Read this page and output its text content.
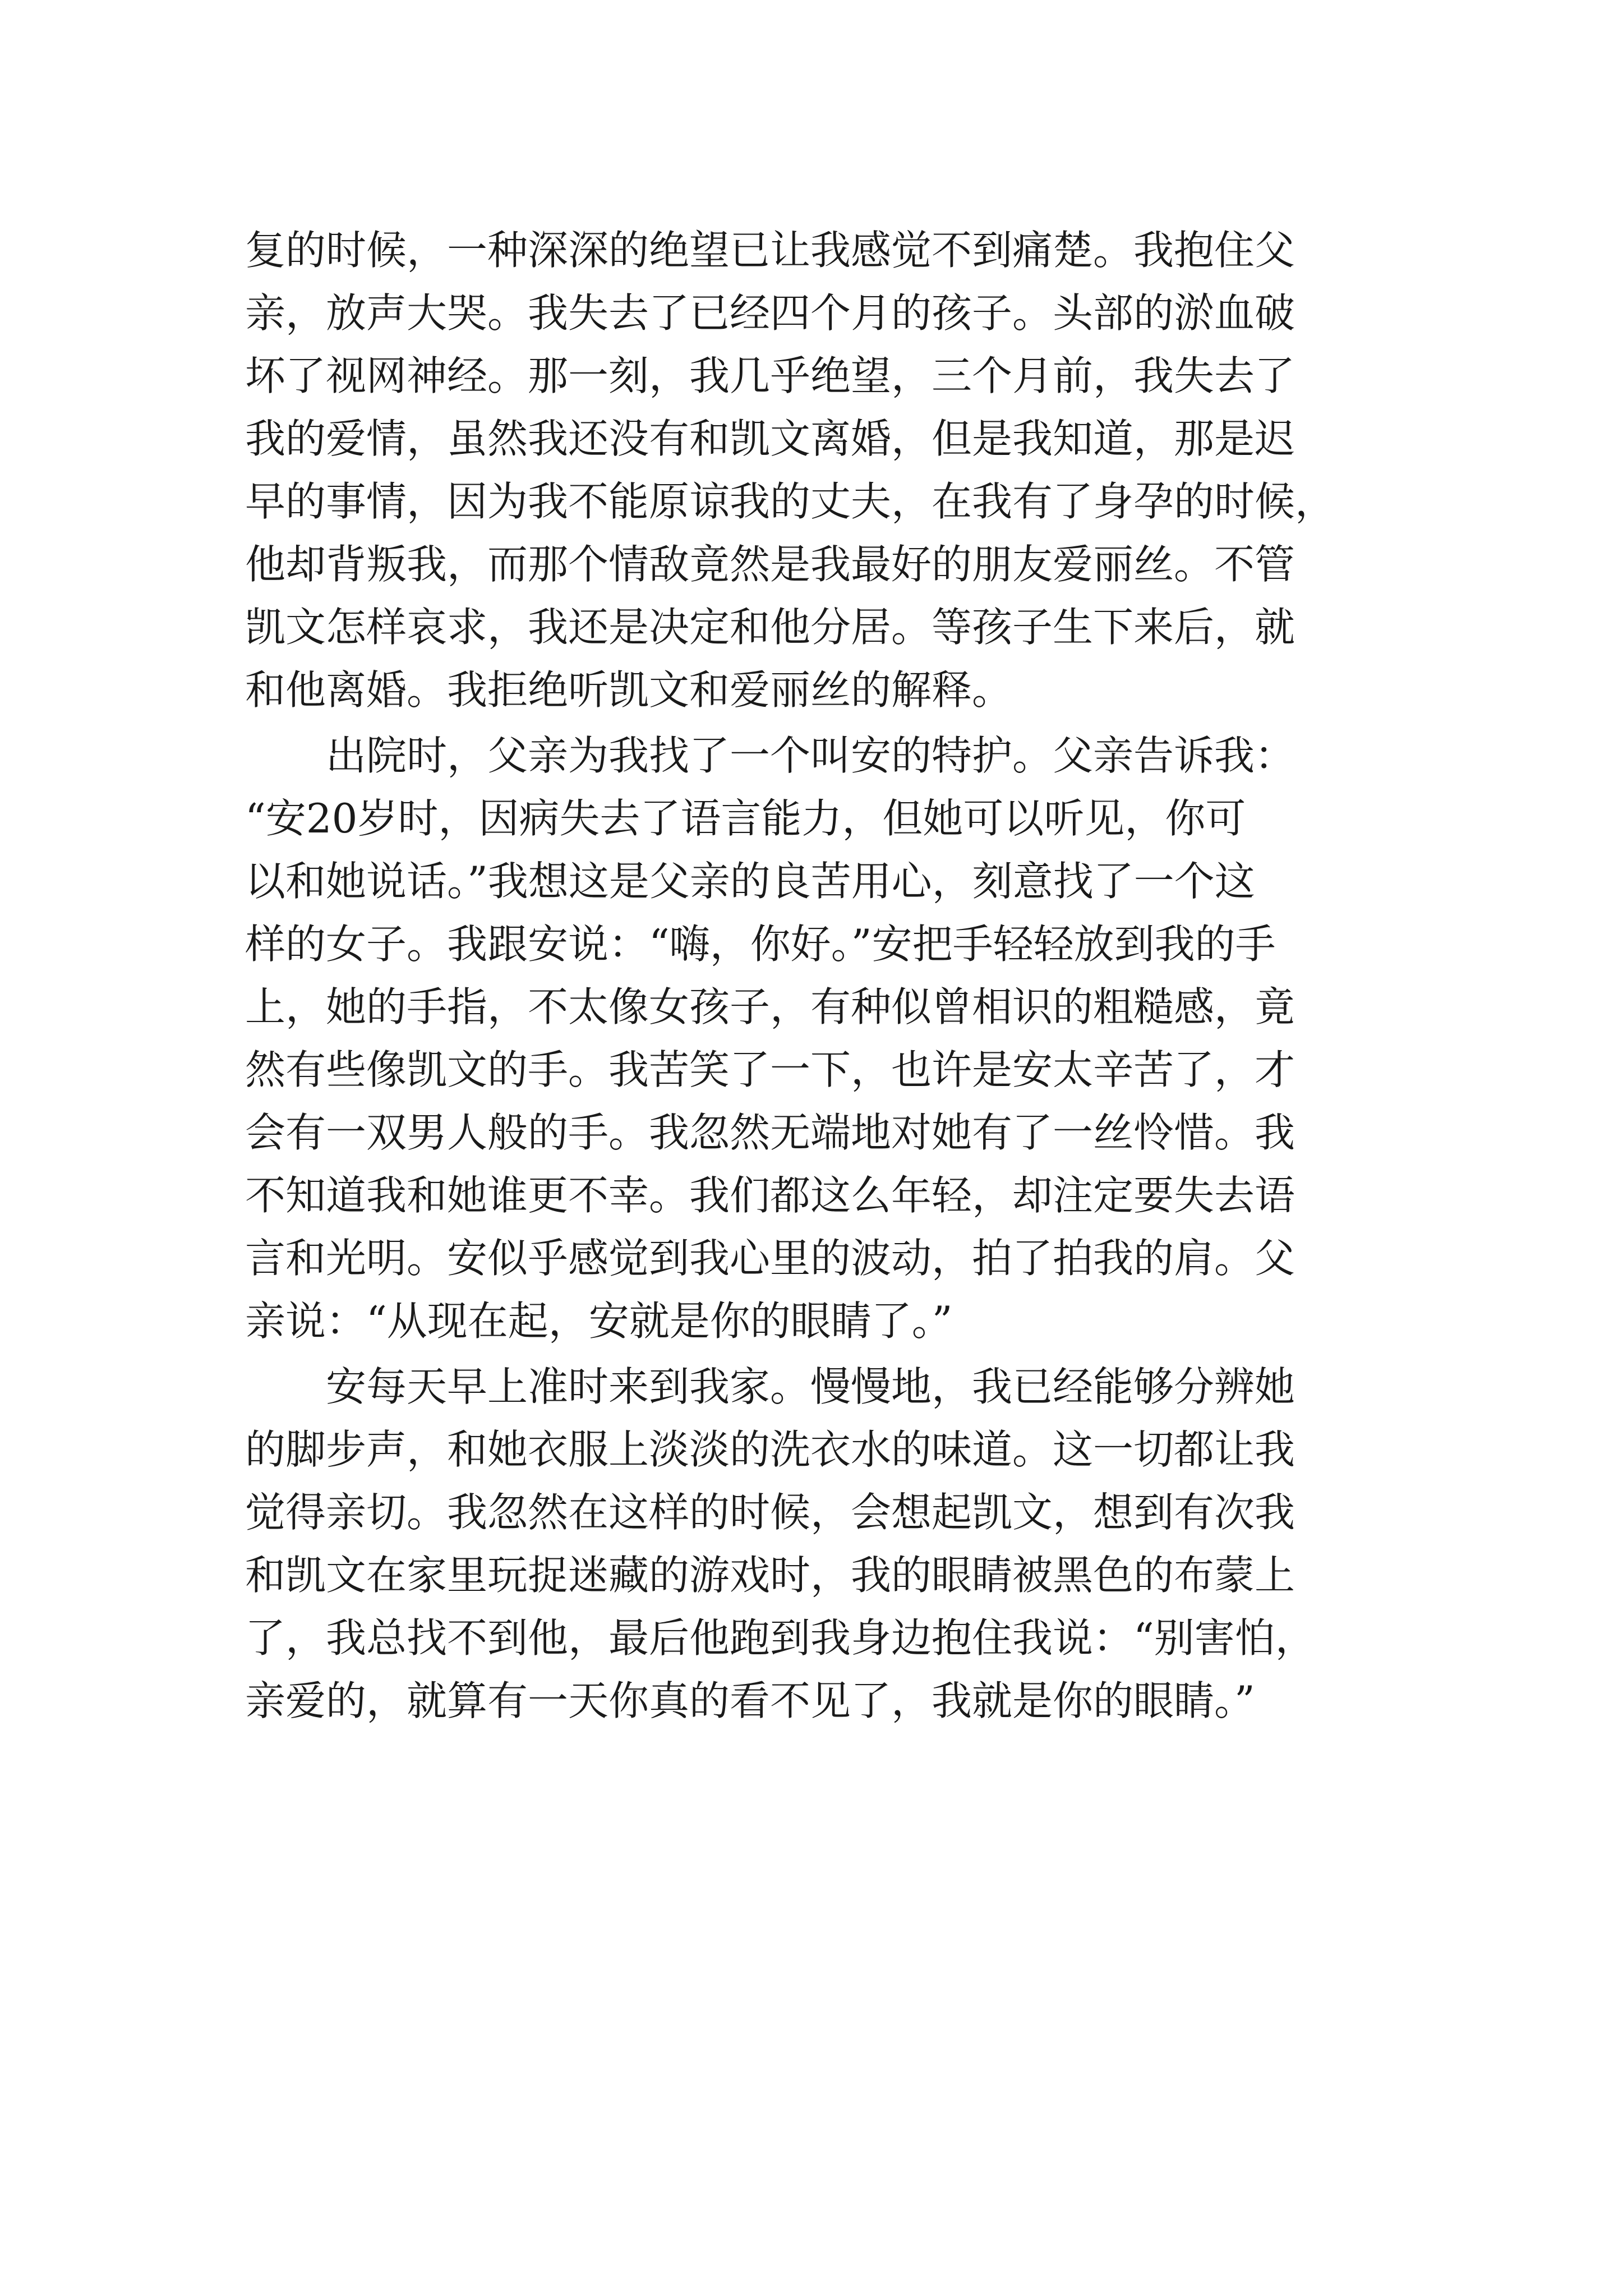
复的时候，一种深深的绝望已让我感觉不到痛楚。我抱住父
亲，放声大哭。我失去了已经四个月的孩子。头部的淤血破
坏了视网神经。那一刻，我几乎绝望，三个月前，我失去了
我的爱情，虽然我还没有和凯文离婚，但是我知道，那是迟
早的事情，因为我不能原谅我的丈夫，在我有了身孕的时候，
他却背叛我，而那个情敌竟然是我最好的朋友爱丽丝。不管
凯文怎样哀求，我还是决定和他分居。等孩子生下来后，就
和他离婚。我拒绝听凯文和爱丽丝的解释。
出院时，父亲为我找了一个叫安的特护。父亲告诉我：
“安20岁时，因病失去了语言能力，但她可以听见，你可
以和她说话。”我想这是父亲的良苦用心，刻意找了一个这
样的女子。我跟安说：“嗨，你好。”安把手轻轻放到我的手
上，她的手指，不太像女孩子，有种似曾相识的粗糙感，竟
然有些像凯文的手。我苦笑了一下，也许是安太辛苦了，才
会有一双男人般的手。我忽然无端地对她有了一丝怜惜。我
不知道我和她谁更不幸。我们都这么年轻，却注定要失去语
言和光明。安似乎感觉到我心里的波动，拍了拍我的肩。父
亲说：“从现在起，安就是你的眼睛了。”
安每天早上准时来到我家。慢慢地，我已经能够分辨她
的脚步声，和她衣服上淡淡的洗衣水的味道。这一切都让我
觉得亲切。我忽然在这样的时候，会想起凯文，想到有次我
和凯文在家里玩捉迷藏的游戏时，我的眼睛被黑色的布蒙上
了，我总找不到他，最后他跑到我身边抱住我说：“别害怕，
亲爱的，就算有一天你真的看不见了，我就是你的眼睛。”
